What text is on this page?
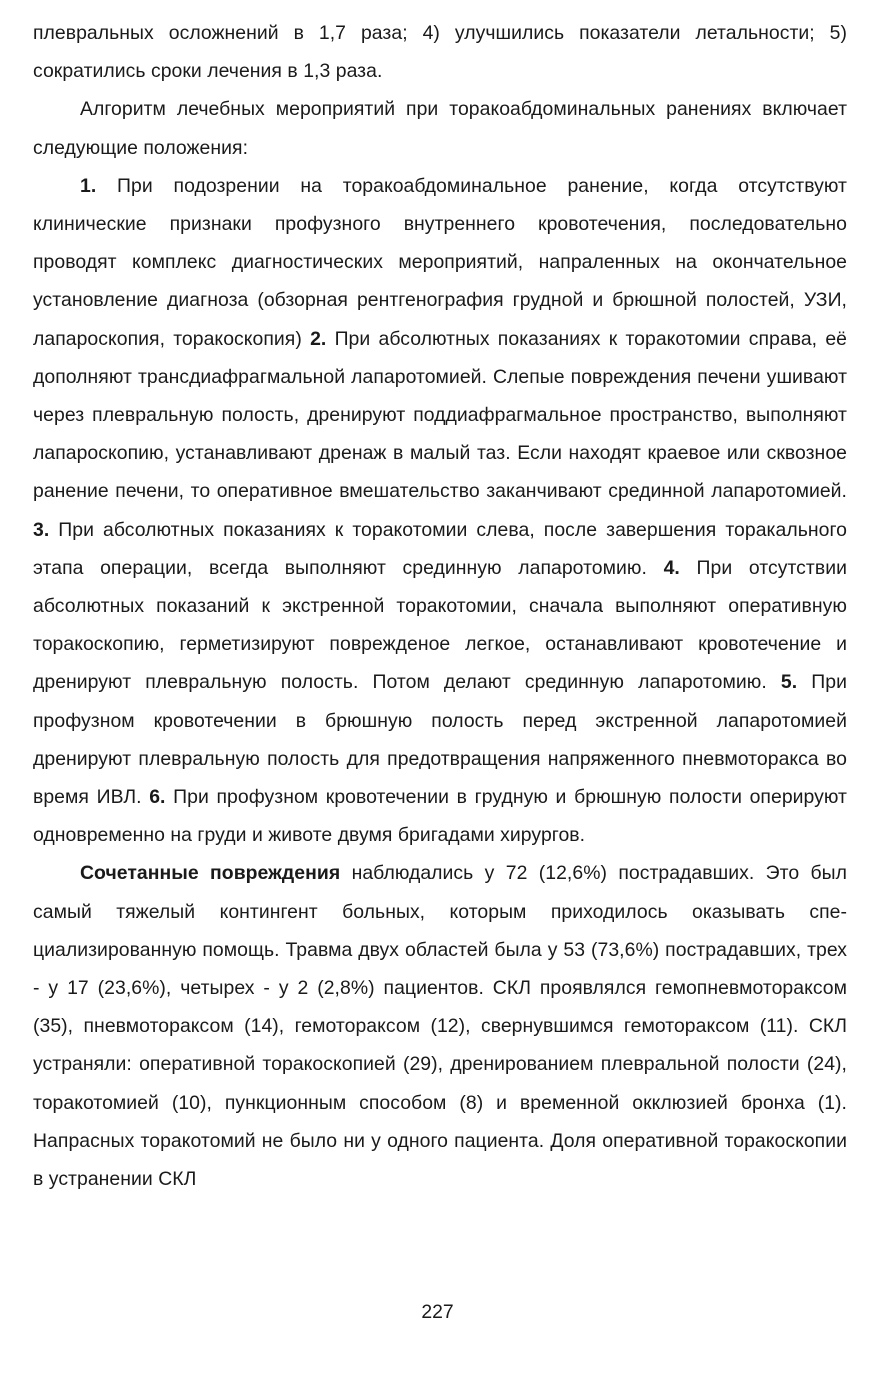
плевральных осложнений в 1,7 раза; 4) улучшились показатели летальности; 5) сократились сроки лечения в 1,3 раза.

Алгоритм лечебных мероприятий при торакоабдоминальных ранениях включает следующие положения:

1. При подозрении на торакоабдоминальное ранение, когда отсутствуют клинические признаки профузного внутреннего кровотечения, последовательно проводят комплекс диагностических мероприятий, напраленных на окончательное установление диагноза (обзорная рентгенография грудной и брюшной полостей, УЗИ, лапароскопия, торакоскопия) 2. При абсолютных показаниях к торакотомии справа, её дополняют трансдиафрагмальной лапаротомией. Слепые повреждения печени ушивают через плевральную полость, дренируют поддиафрагмальное пространство, выполняют лапароскопию, устанавливают дренаж в малый таз. Если находят краевое или сквозное ранение печени, то оперативное вмешательство заканчивают срединной лапаротомией. 3. При абсолютных показаниях к торакотомии слева, после завершения торакального этапа операции, всегда выполняют срединную лапаротомию. 4. При отсутствии абсолютных показаний к экстренной торакотомии, сначала выполняют оперативную торакоскопию, герметизируют поврежденое легкое, останавливают кровотечение и дренируют плевральную полость. Потом делают срединную лапаротомию. 5. При профузном кровотечении в брюшную полость перед экстренной лапаротомией дренируют плевральную полость для предотвращения напряженного пневмоторакса во время ИВЛ. 6. При профузном кровотечении в грудную и брюшную полости оперируют одновременно на груди и животе двумя бригадами хирургов.

Сочетанные повреждения наблюдались у 72 (12,6%) пострадавших. Это был самый тяжелый контингент больных, которым приходилось оказывать специализированную помощь. Травма двух областей была у 53 (73,6%) пострадавших, трех - у 17 (23,6%), четырех - у 2 (2,8%) пациентов. СКЛ проявлялся гемопневмотораксом (35), пневмотораксом (14), гемотораксом (12), свернувшимся гемотораксом (11). СКЛ устраняли: оперативной торакоскопией (29), дренированием плевральной полости (24), торакотомией (10), пункционным способом (8) и временной окклюзией бронха (1). Напрасных торакотомий не было ни у одного пациента. Доля оперативной торакоскопии в устранении СКЛ

227
